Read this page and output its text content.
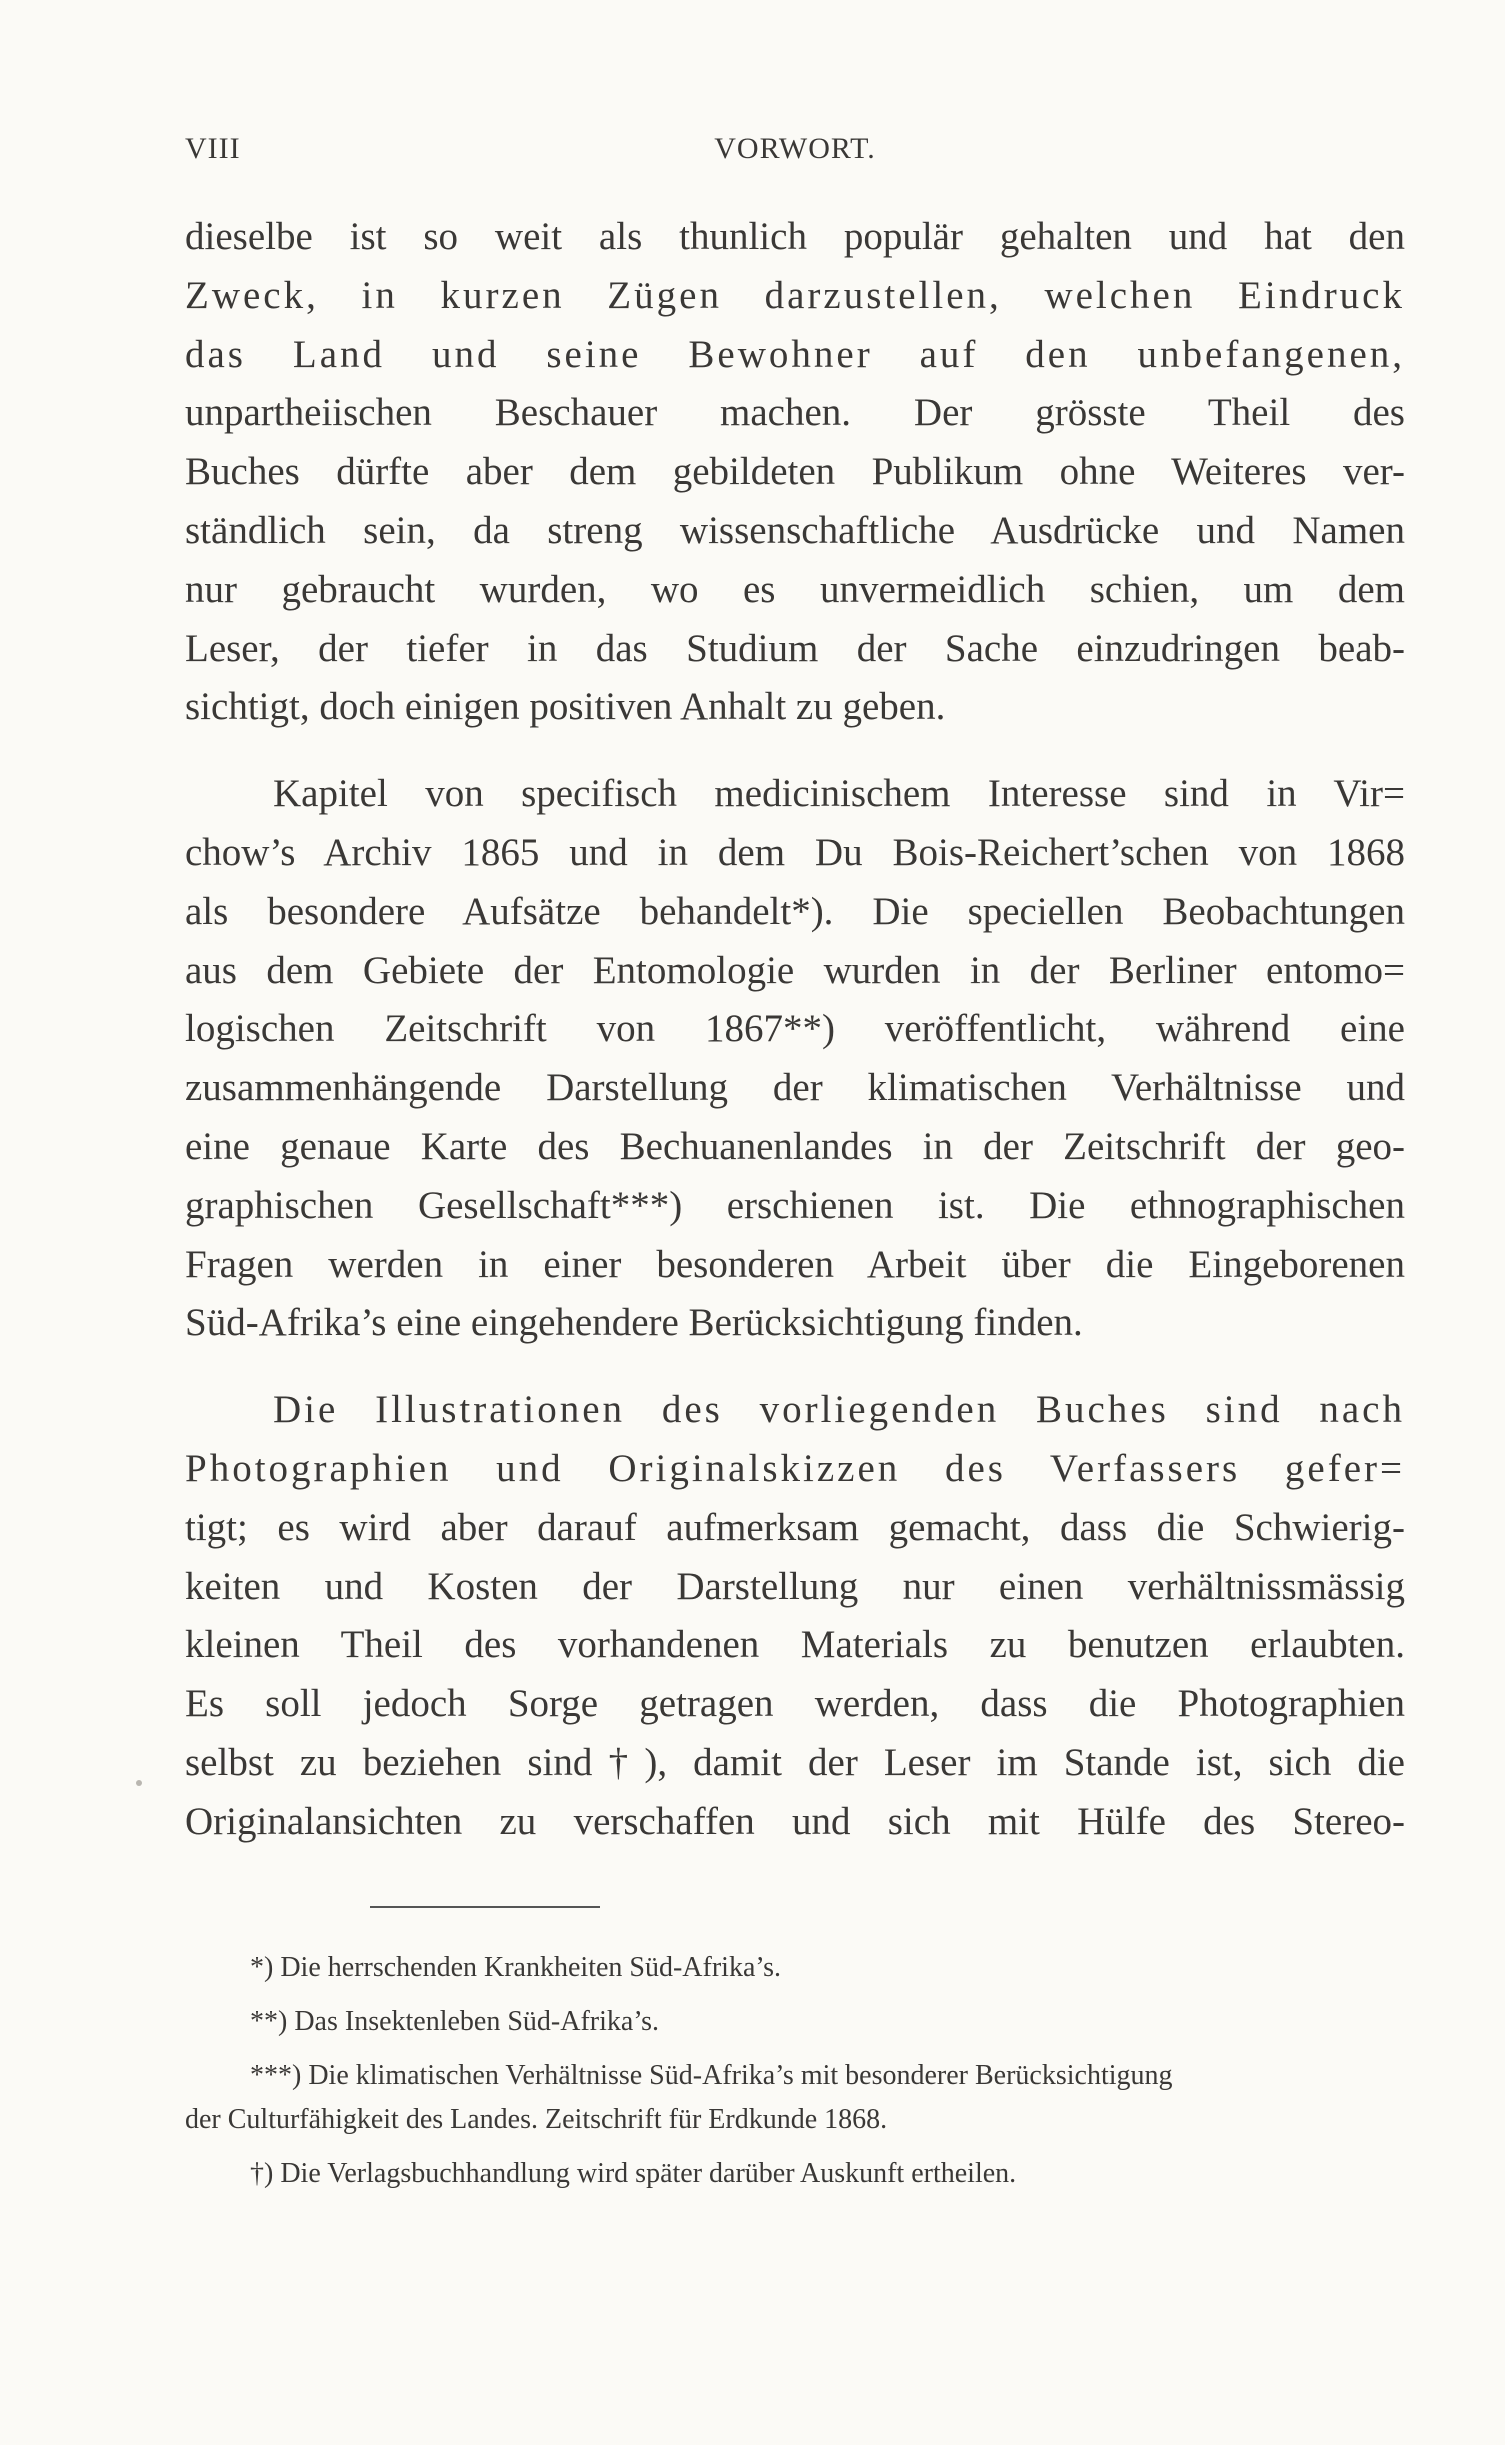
VIII	VORWORT.

dieselbe ist so weit als thunlich populär gehalten und hat den

Zweck, in kurzen Zügen darzustellen, welchen Eindruck

das Land und seine Bewohner auf den unbefangenen,

unpartheiischen Beschauer machen. Der grösste Theil des

Buches dürfte aber dem gebildeten Publikum ohne Weiteres ver-

ständlich sein, da streng wissenschaftliche Ausdrücke und Namen

nur gebraucht wurden, wo es unvermeidlich schien, um dem

Leser, der tiefer in das Studium der Sache einzudringen beab-

sichtigt, doch einigen positiven Anhalt zu geben.

Kapitel von specifisch medicinischem Interesse sind in Vir=

chow’s Archiv 1865 und in dem Du Bois-Reichert’schen von 1868

als besondere Aufsätze behandelt*). Die speciellen Beobachtungen

aus dem Gebiete der Entomologie wurden in der Berliner entomo=

logischen Zeitschrift von 1867**) veröffentlicht, während eine

zusammenhängende Darstellung der klimatischen Verhältnisse und

eine genaue Karte des Bechuanenlandes in der Zeitschrift der geo-

graphischen Gesellschaft***) erschienen ist. Die ethnographischen

Fragen werden in einer besonderen Arbeit über die Eingeborenen

Süd-Afrika’s eine eingehendere Berücksichtigung finden.

Die Illustrationen des vorliegenden Buches sind nach

Photographien und Originalskizzen des Verfassers gefer=

tigt; es wird aber darauf aufmerksam gemacht, dass die Schwierig-

keiten und Kosten der Darstellung nur einen verhältnissmässig

kleinen Theil des vorhandenen Materials zu benutzen erlaubten.

Es soll jedoch Sorge getragen werden, dass die Photographien

selbst zu beziehen sind†), damit der Leser im Stande ist, sich die

Originalansichten zu verschaffen und sich mit Hülfe des Stereo-

*) Die herrschenden Krankheiten Süd-Afrika’s.

**) Das Insektenleben Süd-Afrika’s.

***) Die klimatischen Verhältnisse Süd-Afrika’s mit besonderer Berücksichtigung

der Culturfähigkeit des Landes. Zeitschrift für Erdkunde 1868.

†) Die Verlagsbuchhandlung wird später darüber Auskunft ertheilen.
